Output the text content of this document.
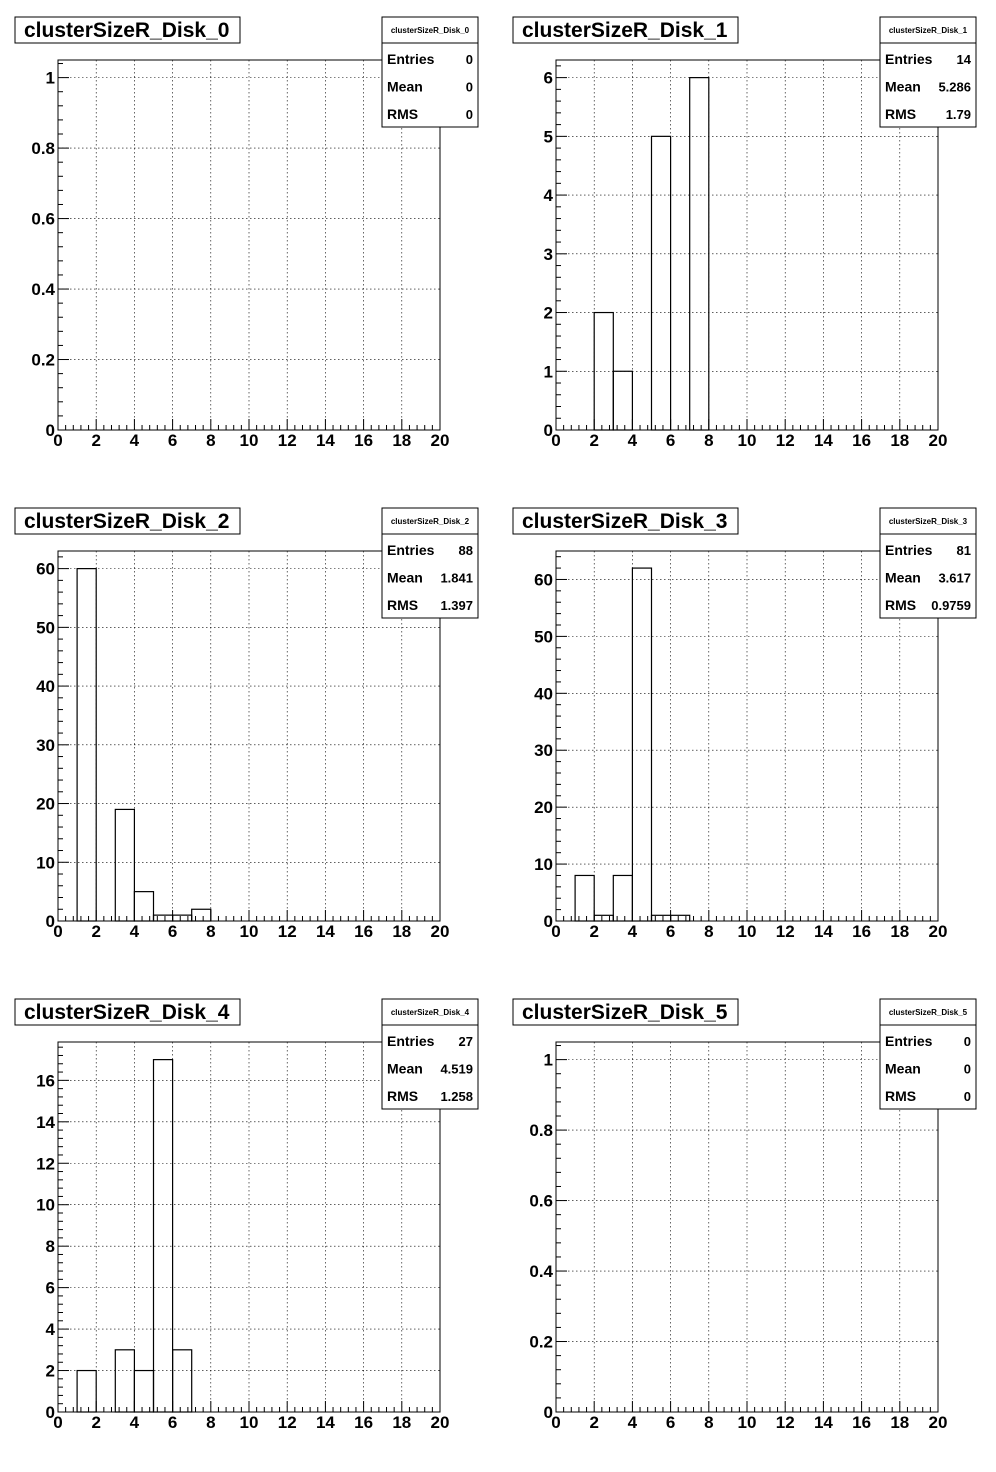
0 2 4 6 8 10 12 14 16 18 20
0
0.2
0.4
0.6
0.8
1
clusterSizeR_Disk_0	clusterSizeR_Disk_0
Entries 0
Mean	0
RMS	0
0 2 4 6 8 10 12 14 16 18 20
0
1
2
3
4
5
6
clusterSizeR_Disk_1	clusterSizeR_Disk_1
Entries 14
Mean 5.286
RMS 1.79
0 2 4 6 8 10 12 14 16 18 20
0
10
20
30
40
50
60
clusterSizeR_Disk_2	clusterSizeR_Disk_2
Entries 88
Mean 1.841
RMS 1.397
0 2 4 6 8 10 12 14 16 18 20
0
10
20
30
40
50
60
clusterSizeR_Disk_3	clusterSizeR_Disk_3
Entries 81
Mean 3.617
RMS 0.9759
0 2 4 6 8 10 12 14 16 18 20
0
2
4
6
8
10
12
14
16
clusterSizeR_Disk_4	clusterSizeR_Disk_4
Entries 27
Mean 4.519
RMS 1.258
0 2 4 6 8 10 12 14 16 18 20
0
0.2
0.4
0.6
0.8
1
clusterSizeR_Disk_5	clusterSizeR_Disk_5
Entries 0
Mean	0
RMS	0
